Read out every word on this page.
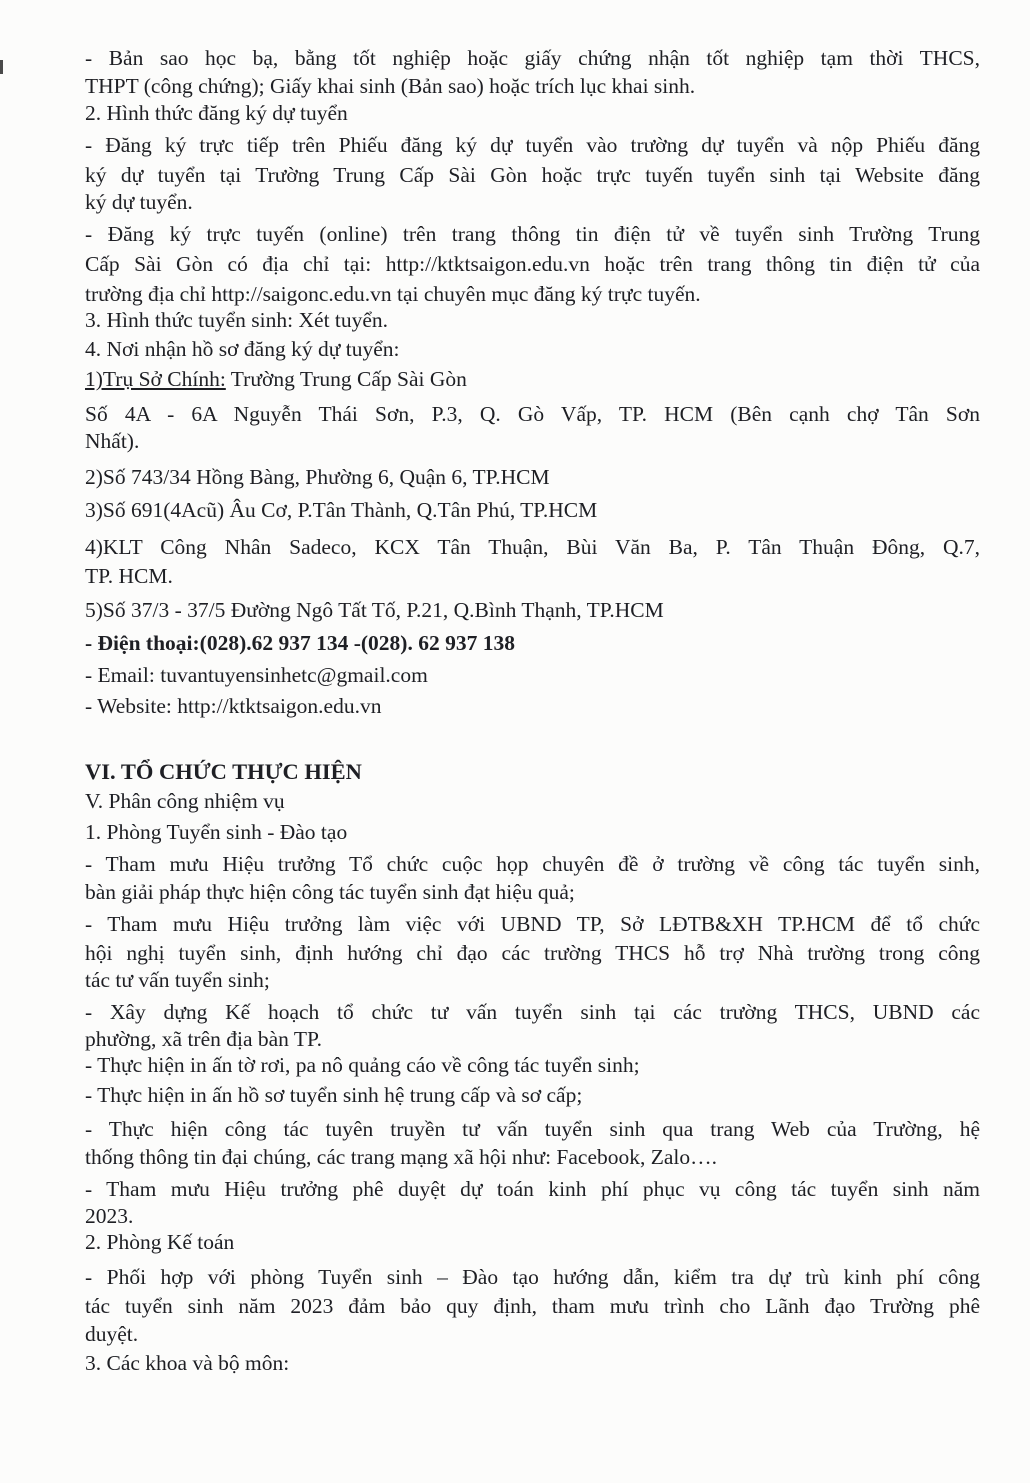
- Bản sao học bạ, bằng tốt nghiệp hoặc giấy chứng nhận tốt nghiệp tạm thời THCS,
THPT (công chứng); Giấy khai sinh (Bản sao) hoặc trích lục khai sinh.
2. Hình thức đăng ký dự tuyển
- Đăng ký trực tiếp trên Phiếu đăng ký dự tuyển vào trường dự tuyển và nộp Phiếu đăng
ký dự tuyển tại Trường Trung Cấp Sài Gòn hoặc trực tuyến tuyển sinh tại Website đăng
ký dự tuyển.
- Đăng ký trực tuyến (online) trên trang thông tin điện tử về tuyển sinh Trường Trung
Cấp Sài Gòn có địa chỉ tại: http://ktktsaigon.edu.vn hoặc trên trang thông tin điện tử của
trường địa chỉ http://saigonc.edu.vn tại chuyên mục đăng ký trực tuyến.
3. Hình thức tuyển sinh: Xét tuyển.
4. Nơi nhận hồ sơ đăng ký dự tuyển:
1)Trụ Sở Chính: Trường Trung Cấp Sài Gòn
Số 4A - 6A Nguyễn Thái Sơn, P.3, Q. Gò Vấp, TP. HCM (Bên cạnh chợ Tân Sơn
Nhất).
2)Số 743/34 Hồng Bàng, Phường 6, Quận 6, TP.HCM
3)Số 691(4Acũ) Âu Cơ, P.Tân Thành, Q.Tân Phú, TP.HCM
4)KLT Công Nhân Sadeco, KCX Tân Thuận, Bùi Văn Ba, P. Tân Thuận Đông, Q.7,
TP. HCM.
5)Số 37/3 - 37/5 Đường Ngô Tất Tố, P.21, Q.Bình Thạnh, TP.HCM
- Điện thoại:(028).62 937 134 -(028). 62 937 138
- Email: tuvantuyensinhetc@gmail.com
- Website: http://ktktsaigon.edu.vn
VI. TỔ CHỨC THỰC HIỆN
V. Phân công nhiệm vụ
1. Phòng Tuyển sinh - Đào tạo
- Tham mưu Hiệu trưởng Tổ chức cuộc họp chuyên đề ở trường về công tác tuyển sinh,
bàn giải pháp thực hiện công tác tuyển sinh đạt hiệu quả;
- Tham mưu Hiệu trưởng làm việc với UBND TP, Sở LĐTB&XH TP.HCM để tổ chức
hội nghị tuyển sinh, định hướng chỉ đạo các trường THCS hỗ trợ Nhà trường trong công
tác tư vấn tuyển sinh;
- Xây dựng Kế hoạch tổ chức tư vấn tuyển sinh tại các trường THCS, UBND các
phường, xã trên địa bàn TP.
- Thực hiện in ấn tờ rơi, pa nô quảng cáo về công tác tuyển sinh;
- Thực hiện in ấn hồ sơ tuyển sinh hệ trung cấp và sơ cấp;
- Thực hiện công tác tuyên truyền tư vấn tuyển sinh qua trang Web của Trường, hệ
thống thông tin đại chúng, các trang mạng xã hội như: Facebook, Zalo….
- Tham mưu Hiệu trưởng phê duyệt dự toán kinh phí phục vụ công tác tuyển sinh năm
2023.
2. Phòng Kế toán
- Phối hợp với phòng Tuyển sinh – Đào tạo hướng dẫn, kiểm tra dự trù kinh phí công
tác tuyển sinh năm 2023 đảm bảo quy định, tham mưu trình cho Lãnh đạo Trường phê
duyệt.
3. Các khoa và bộ môn:
